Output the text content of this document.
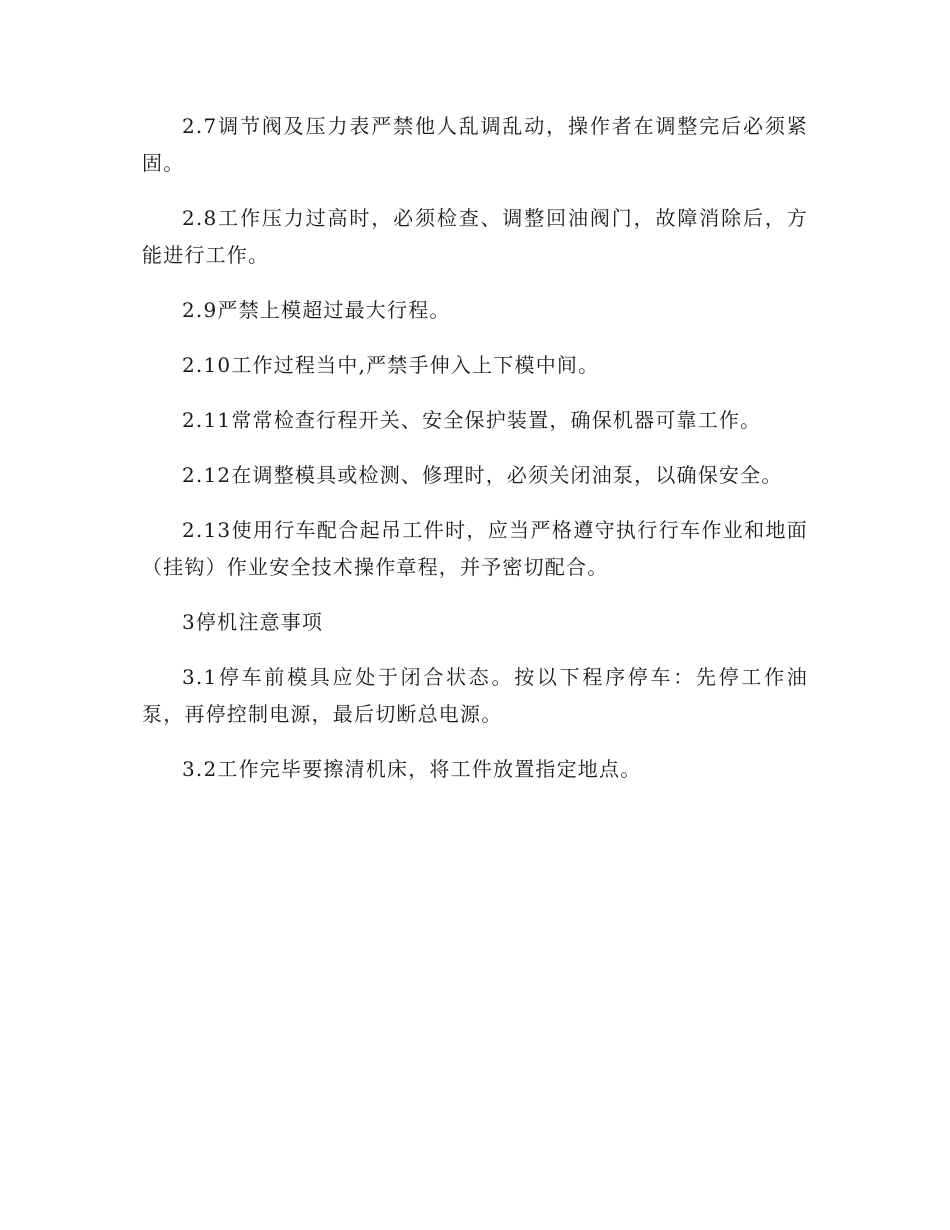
2.7调节阀及压力表严禁他人乱调乱动，操作者在调整完后必须紧固。

2.8工作压力过高时，必须检查、调整回油阀门，故障消除后，方能进行工作。

2.9严禁上模超过最大行程。

2.10工作过程当中,严禁手伸入上下模中间。

2.11常常检查行程开关、安全保护装置，确保机器可靠工作。

2.12在调整模具或检测、修理时，必须关闭油泵，以确保安全。

2.13使用行车配合起吊工件时，应当严格遵守执行行车作业和地面（挂钩）作业安全技术操作章程，并予密切配合。

3停机注意事项

3.1停车前模具应处于闭合状态。按以下程序停车：先停工作油泵，再停控制电源，最后切断总电源。

3.2工作完毕要擦清机床，将工件放置指定地点。
